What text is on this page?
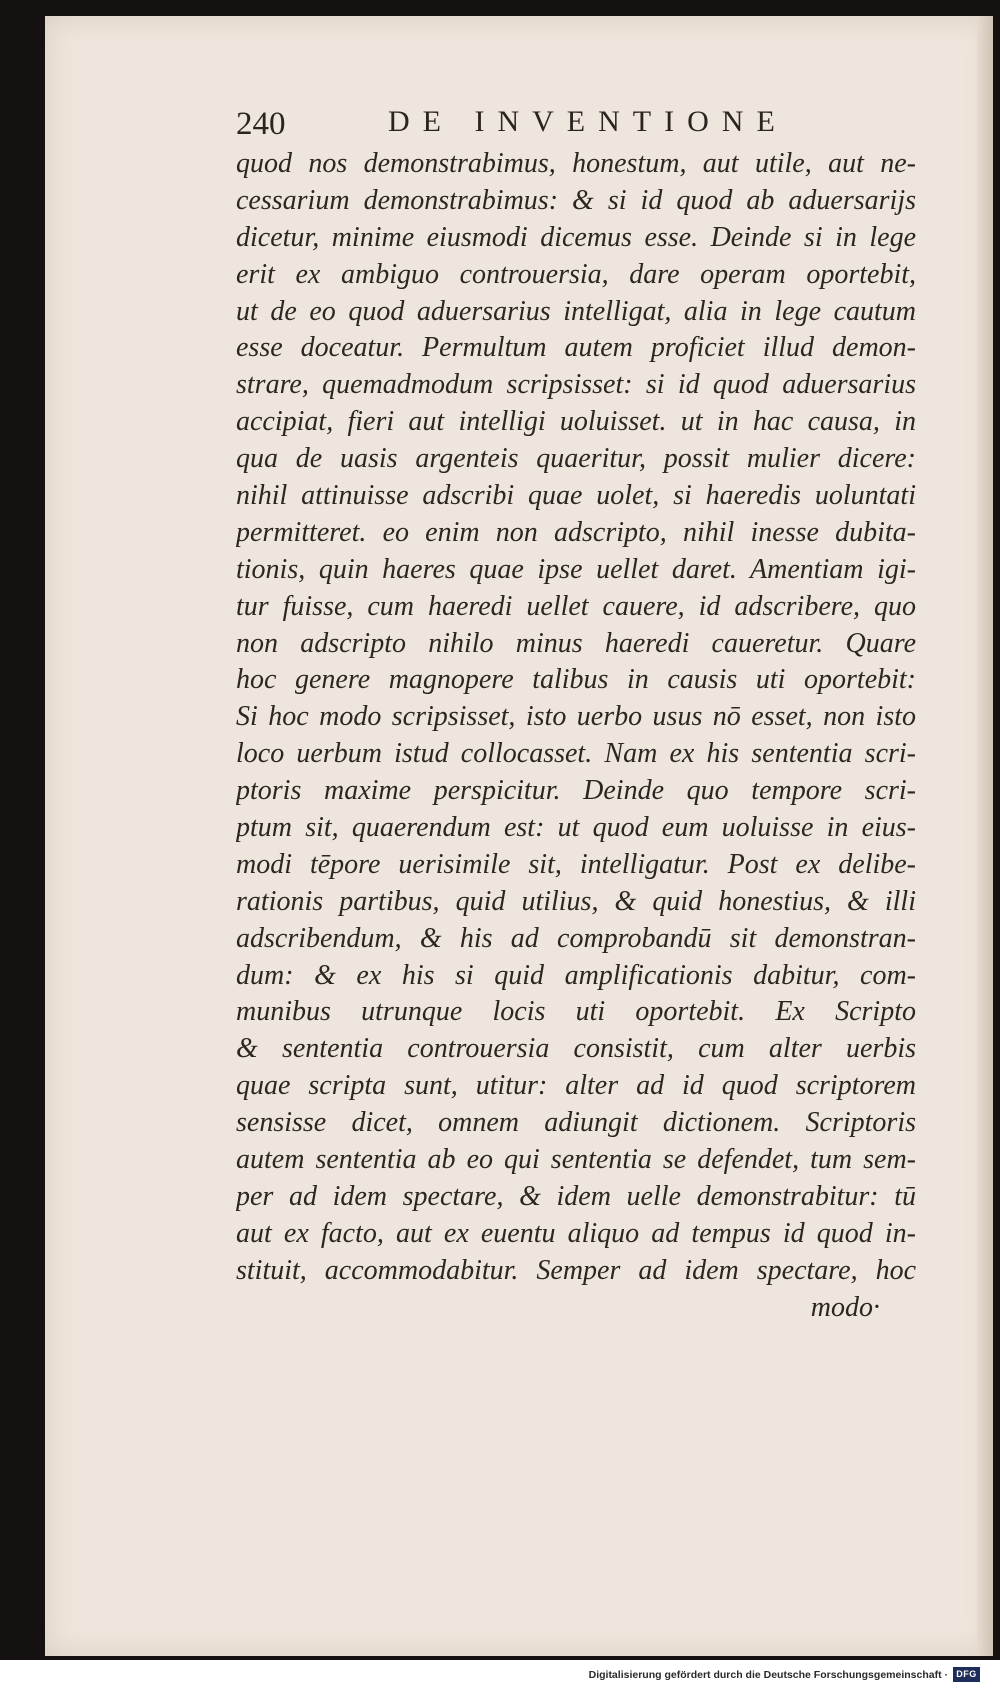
240	DE INVENTIONE
quod nos demonstrabimus, honestum, aut utile, aut ne-
cessarium demonstrabimus: & si id quod ab aduersarijs
dicetur, minime eiusmodi dicemus esse. Deinde si in lege
erit ex ambiguo controuersia, dare operam oportebit,
ut de eo quod aduersarius intelligat, alia in lege cautum
esse doceatur. Permultum autem proficiet illud demon-
strare, quemadmodum scripsisset: si id quod aduersarius
accipiat, fieri aut intelligi uoluisset. ut in hac causa, in
qua de uasis argenteis quaeritur, possit mulier dicere:
nihil attinuisse adscribi quae uolet, si haeredis uoluntati
permitteret. eo enim non adscripto, nihil inesse dubita-
tionis, quin haeres quae ipse uellet daret. Amentiam igi-
tur fuisse, cum haeredi uellet cauere, id adscribere, quo
non adscripto nihilo minus haeredi caueretur. Quare
hoc genere magnopere talibus in causis uti oportebit:
Si hoc modo scripsisset, isto uerbo usus nō esset, non isto
loco uerbum istud collocasset. Nam ex his sententia scri-
ptoris maxime perspicitur. Deinde quo tempore scri-
ptum sit, quaerendum est: ut quod eum uoluisse in eius-
modi tēpore uerisimile sit, intelligatur. Post ex delibe-
rationis partibus, quid utilius, & quid honestius, & illi
adscribendum, & his ad comprobandū sit demonstran-
dum: & ex his si quid amplificationis dabitur, com-
munibus utrunque locis uti oportebit. Ex Scripto
& sententia controuersia consistit, cum alter uerbis
quae scripta sunt, utitur: alter ad id quod scriptorem
sensisse dicet, omnem adiungit dictionem. Scriptoris
autem sententia ab eo qui sententia se defendet, tum sem-
per ad idem spectare, & idem uelle demonstrabitur: tū
aut ex facto, aut ex euentu aliquo ad tempus id quod in-
stituit, accommodabitur. Semper ad idem spectare, hoc
modo·
Digitalisierung gefördert durch die Deutsche Forschungsgemeinschaft · DFG
